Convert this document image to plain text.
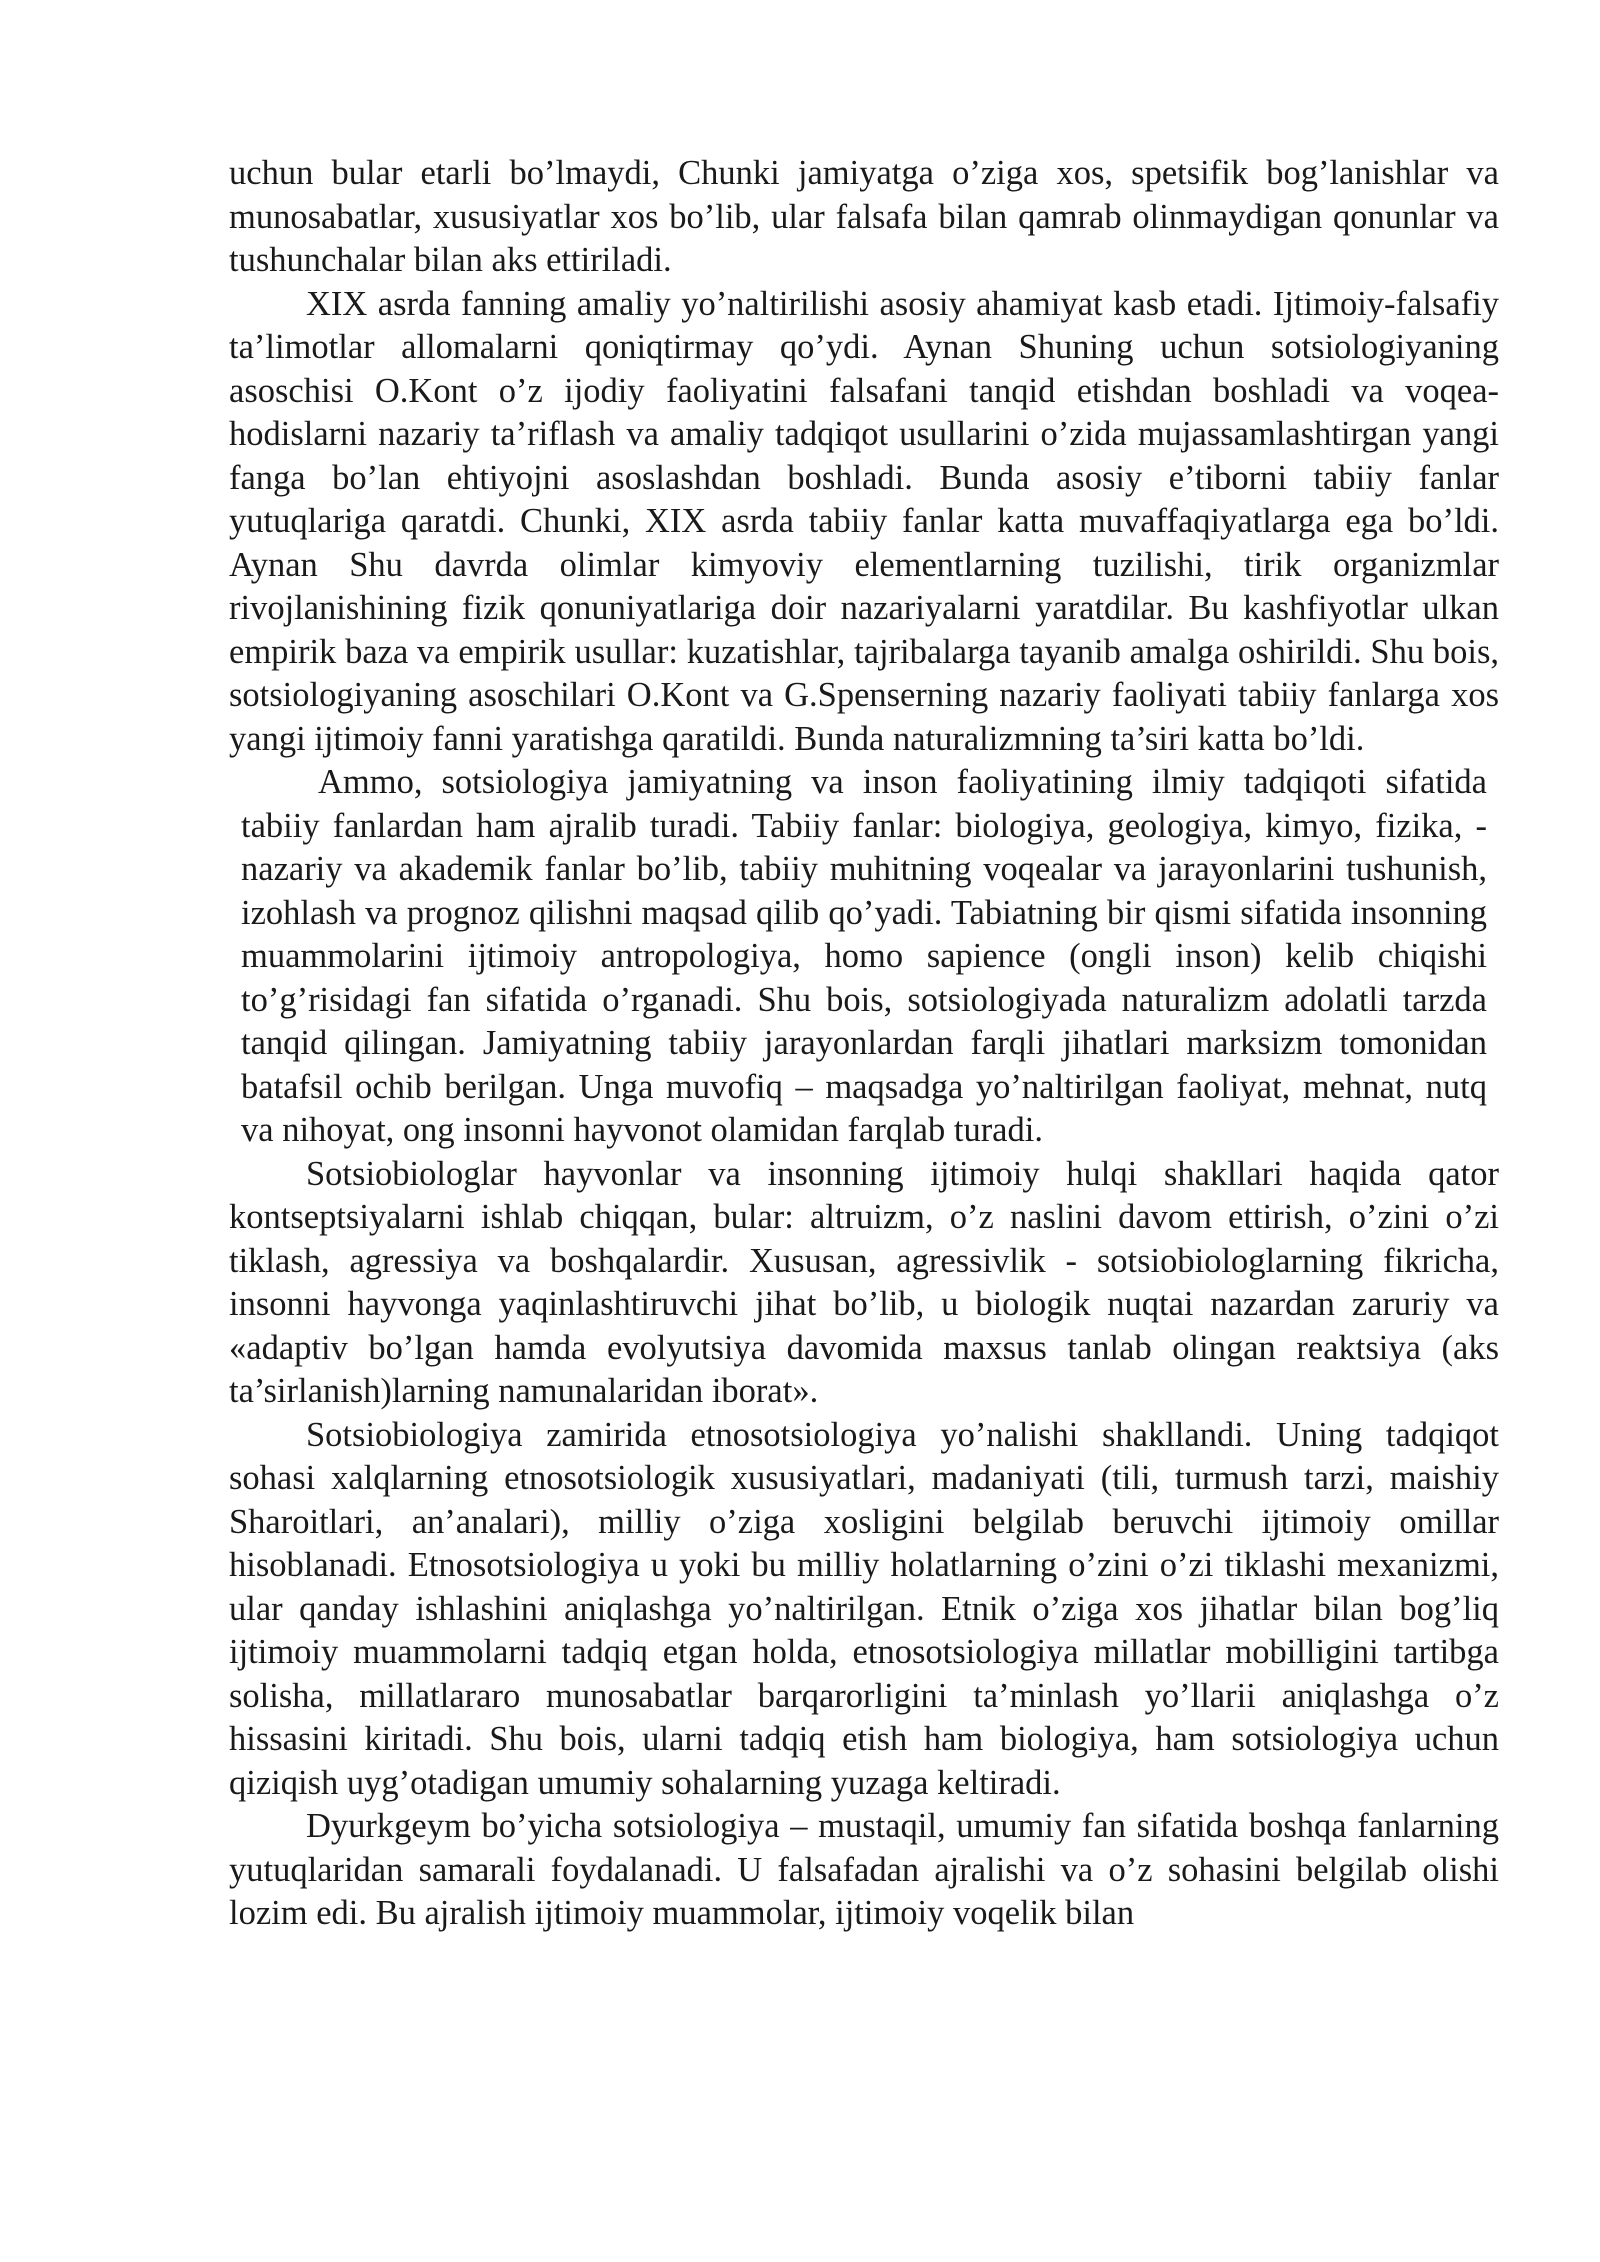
uchun bular etarli bo’lmaydi, Chunki jamiyatga o’ziga xos, spetsifik bog’lanishlar va munosabatlar, xususiyatlar xos bo’lib, ular falsafa bilan qamrab olinmaydigan qonunlar va tushunchalar bilan aks ettiriladi.

XIX asrda fanning amaliy yo’naltirilishi asosiy ahamiyat kasb etadi. Ijtimoiy-falsafiy ta’limotlar allomalarni qoniqtirmay qo’ydi. Aynan Shuning uchun sotsiologiyaning asoschisi O.Kont o’z ijodiy faoliyatini falsafani tanqid etishdan boshladi va voqea-hodislarni nazariy ta’riflash va amaliy tadqiqot usullarini o’zida mujassamlashtirgan yangi fanga bo’lan ehtiyojni asoslashdan boshladi. Bunda asosiy e’tiborni tabiiy fanlar yutuqlariga qaratdi. Chunki, XIX asrda tabiiy fanlar katta muvaffaqiyatlarga ega bo’ldi. Aynan Shu davrda olimlar kimyoviy elementlarning tuzilishi, tirik organizmlar rivojlanishining fizik qonuniyatlariga doir nazariyalarni yaratdilar. Bu kashfiyotlar ulkan empirik baza va empirik usullar: kuzatishlar, tajribalarga tayanib amalga oshirildi. Shu bois, sotsiologiyaning asoschilari O.Kont va G.Spenserning nazariy faoliyati tabiiy fanlarga xos yangi ijtimoiy fanni yaratishga qaratildi. Bunda naturalizmning ta’siri katta bo’ldi.

Ammo, sotsiologiya jamiyatning va inson faoliyatining ilmiy tadqiqoti sifatida tabiiy fanlardan ham ajralib turadi. Tabiiy fanlar: biologiya, geologiya, kimyo, fizika, - nazariy va akademik fanlar bo’lib, tabiiy muhitning voqealar va jarayonlarini tushunish, izohlash va prognoz qilishni maqsad qilib qo’yadi. Tabiatning bir qismi sifatida insonning muammolarini ijtimoiy antropologiya, homo sapience (ongli inson) kelib chiqishi to’g’risidagi fan sifatida o’rganadi. Shu bois, sotsiologiyada naturalizm adolatli tarzda tanqid qilingan. Jamiyatning tabiiy jarayonlardan farqli jihatlari marksizm tomonidan batafsil ochib berilgan. Unga muvofiq – maqsadga yo’naltirilgan faoliyat, mehnat, nutq va nihoyat, ong insonni hayvonot olamidan farqlab turadi.

Sotsiobiologlar hayvonlar va insonning ijtimoiy hulqi shakllari haqida qator kontseptsiyalarni ishlab chiqqan, bular: altruizm, o’z naslini davom ettirish, o’zini o’zi tiklash, agressiya va boshqalardir. Xususan, agressivlik - sotsiobiologlarning fikricha, insonni hayvonga yaqinlashtiruvchi jihat bo’lib, u biologik nuqtai nazardan zaruriy va «adaptiv bo’lgan hamda evolyutsiya davomida maxsus tanlab olingan reaktsiya (aks ta’sirlanish)larning namunalaridan iborat».

Sotsiobiologiya zamirida etnosotsiologiya yo’nalishi shakllandi. Uning tadqiqot sohasi xalqlarning etnosotsiologik xususiyatlari, madaniyati (tili, turmush tarzi, maishiy Sharoitlari, an’analari), milliy o’ziga xosligini belgilab beruvchi ijtimoiy omillar hisoblanadi. Etnosotsiologiya u yoki bu milliy holatlarning o’zini o’zi tiklashi mexanizmi, ular qanday ishlashini aniqlashga yo’naltirilgan. Etnik o’ziga xos jihatlar bilan bog’liq ijtimoiy muammolarni tadqiq etgan holda, etnosotsiologiya millatlar mobilligini tartibga solisha, millatlararo munosabatlar barqarorligini ta’minlash yo’llarii aniqlashga o’z hissasini kiritadi. Shu bois, ularni tadqiq etish ham biologiya, ham sotsiologiya uchun qiziqish uyg’otadigan umumiy sohalarning yuzaga keltiradi.

Dyurkgeym bo’yicha sotsiologiya – mustaqil, umumiy fan sifatida boshqa fanlarning yutuqlaridan samarali foydalanadi. U falsafadan ajralishi va o’z sohasini belgilab olishi lozim edi. Bu ajralish ijtimoiy muammolar, ijtimoiy voqelik bilan
